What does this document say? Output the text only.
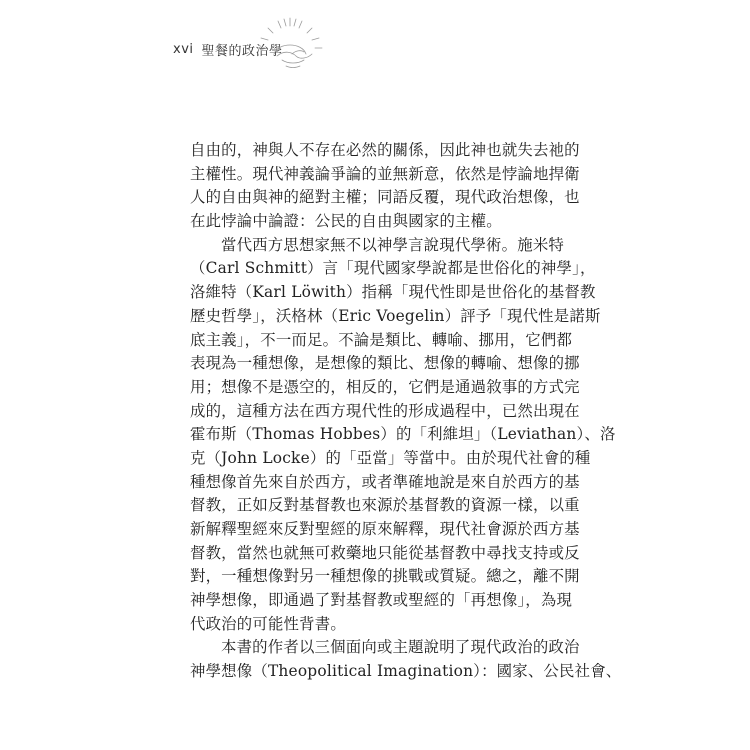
xvi 聖餐的政治學
自由的，神與人不存在必然的關係，因此神也就失去祂的
主權性。現代神義論爭論的並無新意，依然是悖論地捍衛
人的自由與神的絕對主權；同語反覆，現代政治想像，也
在此悖論中論證：公民的自由與國家的主權。
當代西方思想家無不以神學言說現代學術。施米特
（Carl Schmitt）言「現代國家學說都是世俗化的神學」，
洛維特（Karl Löwith）指稱「現代性即是世俗化的基督教
歷史哲學」，沃格林（Eric Voegelin）評予「現代性是諾斯
底主義」，不一而足。不論是類比、轉喻、挪用，它們都
表現為一種想像，是想像的類比、想像的轉喻、想像的挪
用；想像不是憑空的，相反的，它們是通過敘事的方式完
成的，這種方法在西方現代性的形成過程中，已然出現在
霍布斯（Thomas Hobbes）的「利維坦」（Leviathan）、洛
克（John Locke）的「亞當」等當中。由於現代社會的種
種想像首先來自於西方，或者準確地說是來自於西方的基
督教，正如反對基督教也來源於基督教的資源一樣，以重
新解釋聖經來反對聖經的原來解釋，現代社會源於西方基
督教，當然也就無可救藥地只能從基督教中尋找支持或反
對，一種想像對另一種想像的挑戰或質疑。總之，離不開
神學想像，即通過了對基督教或聖經的「再想像」，為現
代政治的可能性背書。
本書的作者以三個面向或主題說明了現代政治的政治
神學想像（Theopolitical Imagination）：國家、公民社會、
